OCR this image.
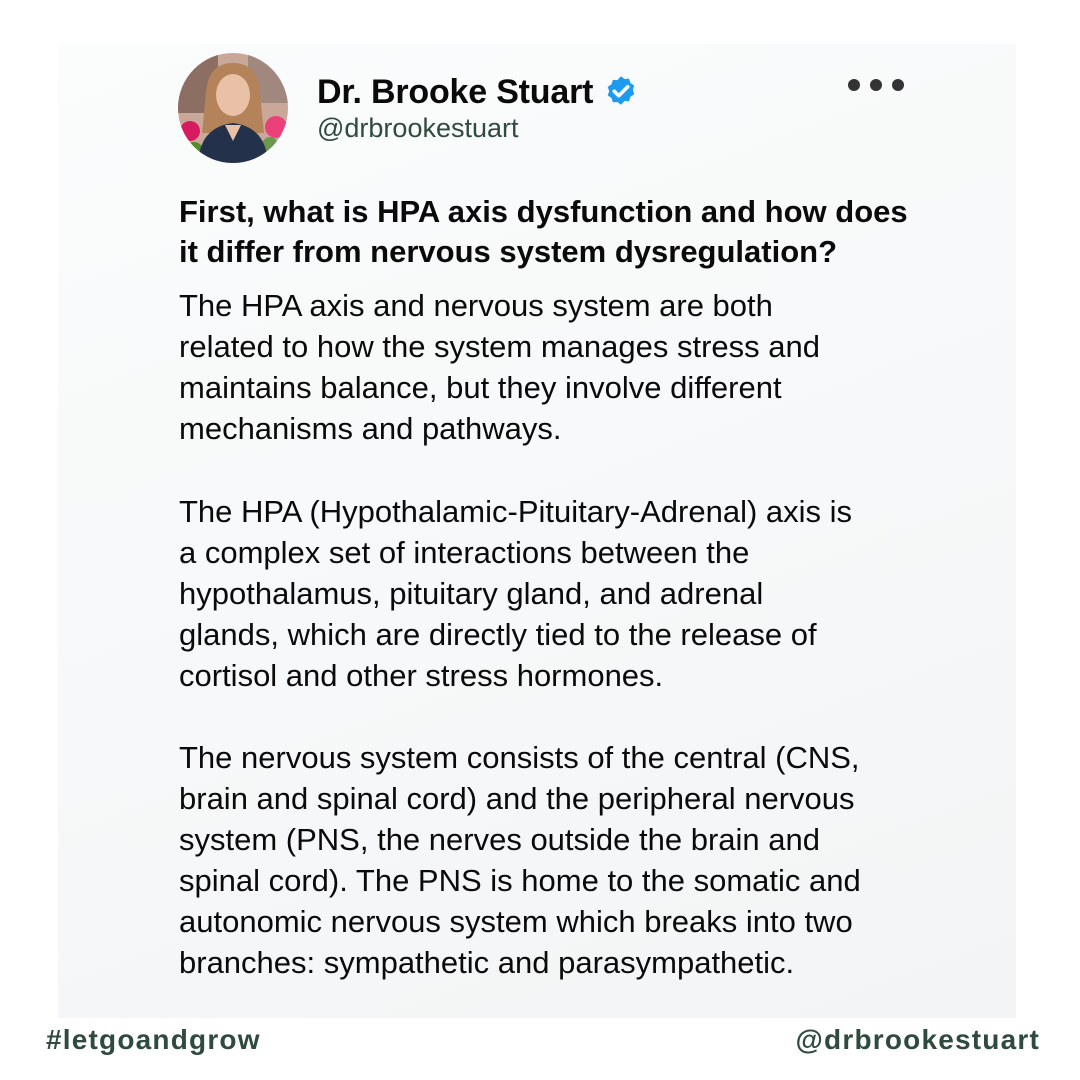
Dr. Brooke Stuart
@drbrookestuart
First, what is HPA axis dysfunction and how does
it differ from nervous system dysregulation?
The HPA axis and nervous system are both
related to how the system manages stress and
maintains balance, but they involve different
mechanisms and pathways.
The HPA (Hypothalamic-Pituitary-Adrenal) axis is
a complex set of interactions between the
hypothalamus, pituitary gland, and adrenal
glands, which are directly tied to the release of
cortisol and other stress hormones.
The nervous system consists of the central (CNS,
brain and spinal cord) and the peripheral nervous
system (PNS, the nerves outside the brain and
spinal cord). The PNS is home to the somatic and
autonomic nervous system which breaks into two
branches: sympathetic and parasympathetic.
#letgoandgrow	@drbrookestuart
